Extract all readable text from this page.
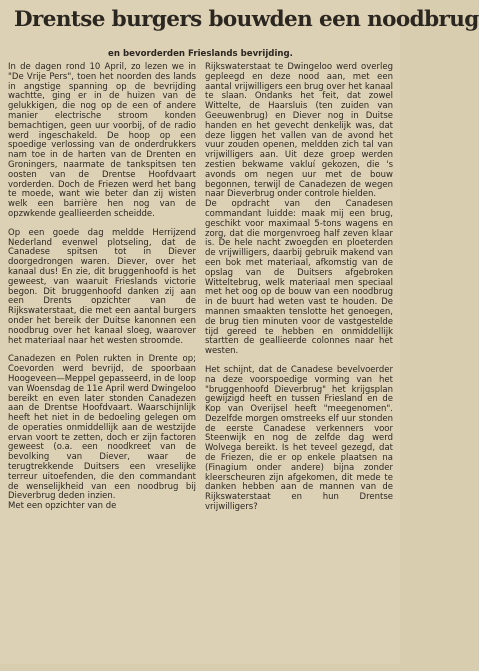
Drentse burgers bouwden een noodbrug
en bevorderden Frieslands bevrijding.

In de dagen rond 10 April, zo lezen we in "De Vrije Pers", toen het noorden des lands in angstige spanning op de bevrijding wachtte, ging er in de huizen van de gelukkigen, die nog op de een of andere manier electrische stroom konden bemachtigen, geen uur voorbij, of de radio werd ingeschakeld. De hoop op een spoedige verlossing van de onderdrukkers nam toe in de harten van de Drenten en Groningers, naarmate de tankspitsen ten oosten van de Drentse Hoofdvaart vorderden. Doch de Friezen werd het bang te moede, want wie beter dan zij wisten welk een barrière hen nog van de opzwkende geallieerden scheidde.

Op een goede dag meldde Herrijzend Nederland evenwel plotseling, dat de Canadese spitsen tot in Diever doorgedrongen waren. Diever, over het kanaal dus! En zie, dit bruggenhoofd is het geweest, van waaruit Frieslands victorie begon. Dit bruggenhoofd danken zij aan een Drents opzichter van de Rijkswaterstaat, die met een aantal burgers onder het bereik der Duitse kanonnen een noodbrug over het kanaal sloeg, waarover het materiaal naar het westen stroomde.

Canadezen en Polen rukten in Drente op; Coevorden werd bevrijd, de spoorbaan Hoogeveen—Meppel gepasseerd, in de loop van Woensdag de 11e April werd Dwingeloo bereikt en even later stonden Canadezen aan de Drentse Hoofdvaart. Waarschijnlijk heeft het niet in de bedoeling gelegen om de operaties onmiddellijk aan de westzijde ervan voort te zetten, doch er zijn factoren geweest (o.a. een noodkreet van de bevolking van Diever, waar de terugtrekkende Duitsers een vreselijke terreur uitoefenden, die den commandant de wenselijkheid van een noodbrug bij Dieverbrug deden inzien.

Met een opzichter van de

Rijkswaterstaat te Dwingeloo werd overleg gepleegd en deze nood aan, met een aantal vrijwilligers een brug over het kanaal te slaan. Ondanks het feit, dat zowel Wittelte, de Haarsluis (ten zuiden van Geeuwenbrug) en Diever nog in Duitse handen en het gevecht denkelijk was, dat deze liggen het vallen van de avond het vuur zouden openen, meldden zich tal van vrijwilligers aan. Uit deze groep werden zestien bekwame vakluí gekozen, die 's avonds om negen uur met de bouw begonnen, terwijl de Canadezen de wegen naar Dieverbrug onder controle hielden.

De opdracht van den Canadesen commandant luidde: maak mij een brug, geschikt voor maximaal 5-tons wagens en zorg, dat die morgenvroeg half zeven klaar is. De hele nacht zwoegden en ploeterden de vrijwilligers, daarbij gebruik makend van een bok met materiaal, afkomstig van de opslag van de Duitsers afgebroken Witteltebrug, welk materiaal men speciaal met het oog op de bouw van een noodbrug in de buurt had weten vast te houden. De mannen smaakten tenslotte het genoegen, de brug tien minuten voor de vastgestelde tijd gereed te hebben en onmiddellijk startten de geallieerde colonnes naar het westen.

Het schijnt, dat de Canadese bevelvoerder na deze voorspoedige vorming van het "bruggenhoofd Dieverbrug" het krijgsplan gewijzigd heeft en tussen Friesland en de Kop van Overijsel heeft "meegenomen". Dezelfde morgen omstreeks elf uur stonden de eerste Canadese verkenners voor Steenwijk en nog de zelfde dag werd Wolvega bereikt. Is het teveel gezegd, dat de Friezen, die er op enkele plaatsen na (Finagium onder andere) bijna zonder kleerscheuren zijn afgekomen, dit mede te danken hebben aan de mannen van de Rijkswaterstaat en hun Drentse vrijwilligers?
